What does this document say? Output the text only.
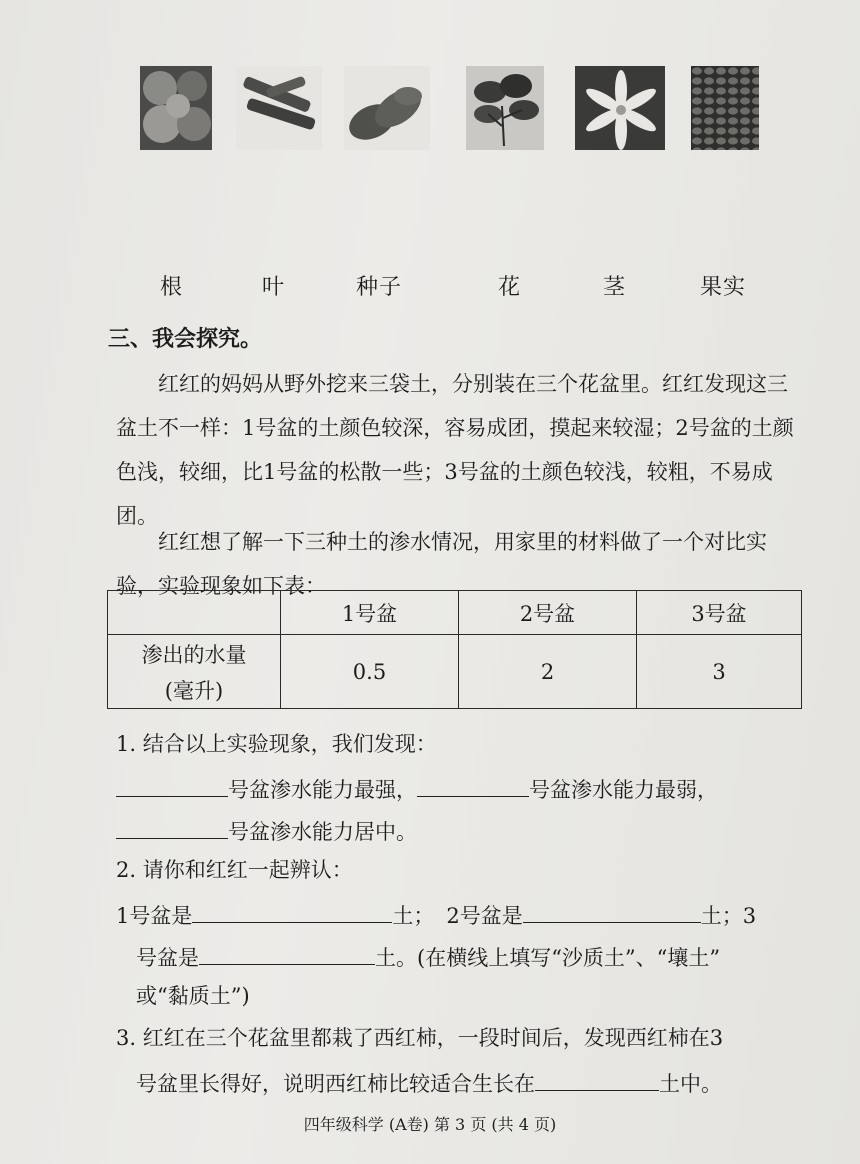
根	叶	种子	花	茎	果实
三、我会探究。
红红的妈妈从野外挖来三袋土，分别装在三个花盆里。红红发现这三盆土不一样：1号盆的土颜色较深，容易成团，摸起来较湿；2号盆的土颜色浅，较细，比1号盆的松散一些；3号盆的土颜色较浅，较粗，不易成团。
红红想了解一下三种土的渗水情况，用家里的材料做了一个对比实验，实验现象如下表：
	1号盆	2号盆	3号盆

渗出的水量
(毫升)	0.5	2	3
1. 结合以上实验现象，我们发现：
号盆渗水能力最强，	号盆渗水能力最弱，
号盆渗水能力居中。
2. 请你和红红一起辨认：
1号盆是	土； 2号盆是	土；3
号盆是	土。(在横线上填写“沙质土”、“壤土”
或“黏质土”)
3. 红红在三个花盆里都栽了西红柿，一段时间后，发现西红柿在3
号盆里长得好，说明西红柿比较适合生长在	土中。
四年级科学 (A卷) 第 3 页 (共 4 页)
